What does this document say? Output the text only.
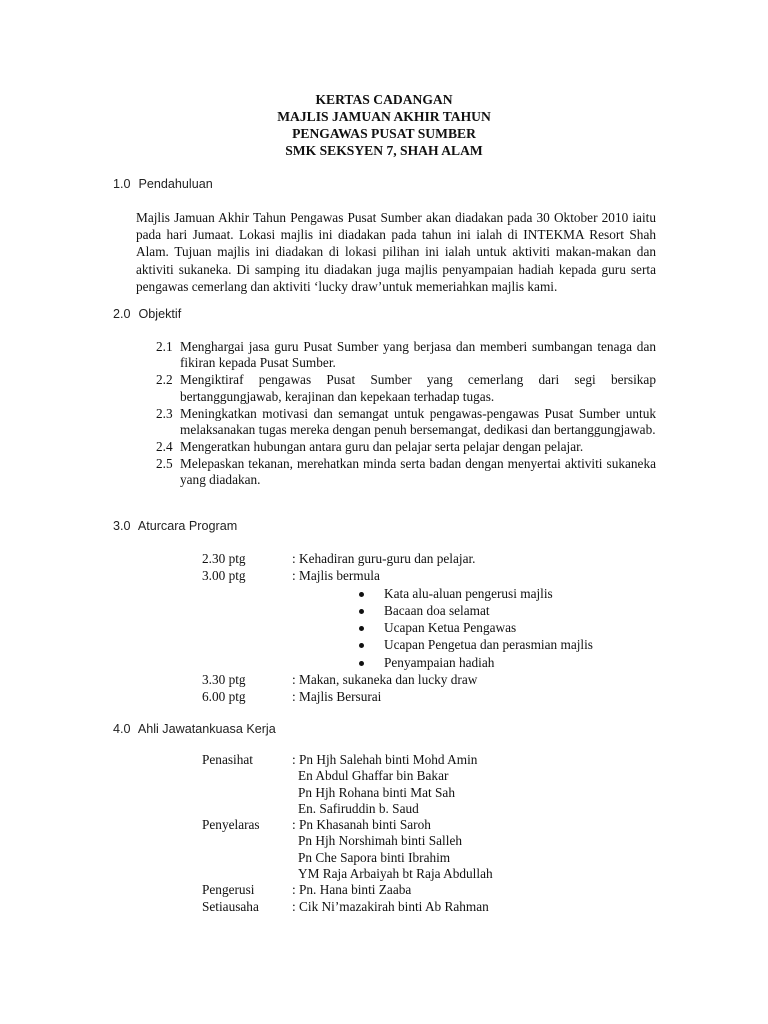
KERTAS CADANGAN
MAJLIS JAMUAN AKHIR TAHUN
PENGAWAS PUSAT SUMBER
SMK SEKSYEN 7, SHAH ALAM
1.0 Pendahuluan
Majlis Jamuan Akhir Tahun Pengawas Pusat Sumber akan diadakan pada 30 Oktober 2010 iaitu pada hari Jumaat. Lokasi majlis ini diadakan pada tahun ini ialah di INTEKMA Resort Shah Alam. Tujuan majlis ini diadakan di lokasi pilihan ini ialah untuk aktiviti makan-makan dan aktiviti sukaneka. Di samping itu diadakan juga majlis penyampaian hadiah kepada guru serta pengawas cemerlang dan aktiviti ‘lucky draw’untuk memeriahkan majlis kami.
2.0 Objektif
2.1 Menghargai jasa guru Pusat Sumber yang berjasa dan memberi sumbangan tenaga dan fikiran kepada Pusat Sumber.
2.2 Mengiktiraf pengawas Pusat Sumber yang cemerlang dari segi bersikap bertanggungjawab, kerajinan dan kepekaan terhadap tugas.
2.3 Meningkatkan motivasi dan semangat untuk pengawas-pengawas Pusat Sumber untuk melaksanakan tugas mereka dengan penuh bersemangat, dedikasi dan bertanggungjawab.
2.4 Mengeratkan hubungan antara guru dan pelajar serta pelajar dengan pelajar.
2.5 Melepaskan tekanan, merehatkan minda serta badan dengan menyertai aktiviti sukaneka yang diadakan.
3.0 Aturcara Program
2.30 ptg	: Kehadiran guru-guru dan pelajar.
3.00 ptg	: Majlis bermula
Kata alu-aluan pengerusi majlis
Bacaan doa selamat
Ucapan Ketua Pengawas
Ucapan Pengetua dan perasmian majlis
Penyampaian hadiah
3.30 ptg	: Makan, sukaneka dan lucky draw
6.00 ptg	: Majlis Bersurai
4.0 Ahli Jawatankuasa Kerja
Penasihat	: Pn Hjh Salehah binti Mohd Amin
En Abdul Ghaffar bin Bakar
Pn Hjh Rohana binti Mat Sah
En. Safiruddin b. Saud
Penyelaras	: Pn Khasanah binti Saroh
Pn Hjh Norshimah binti Salleh
Pn Che Sapora binti Ibrahim
YM Raja Arbaiyah bt Raja Abdullah
Pengerusi	: Pn. Hana binti Zaaba
Setiausaha	: Cik Ni’mazakirah binti Ab Rahman
